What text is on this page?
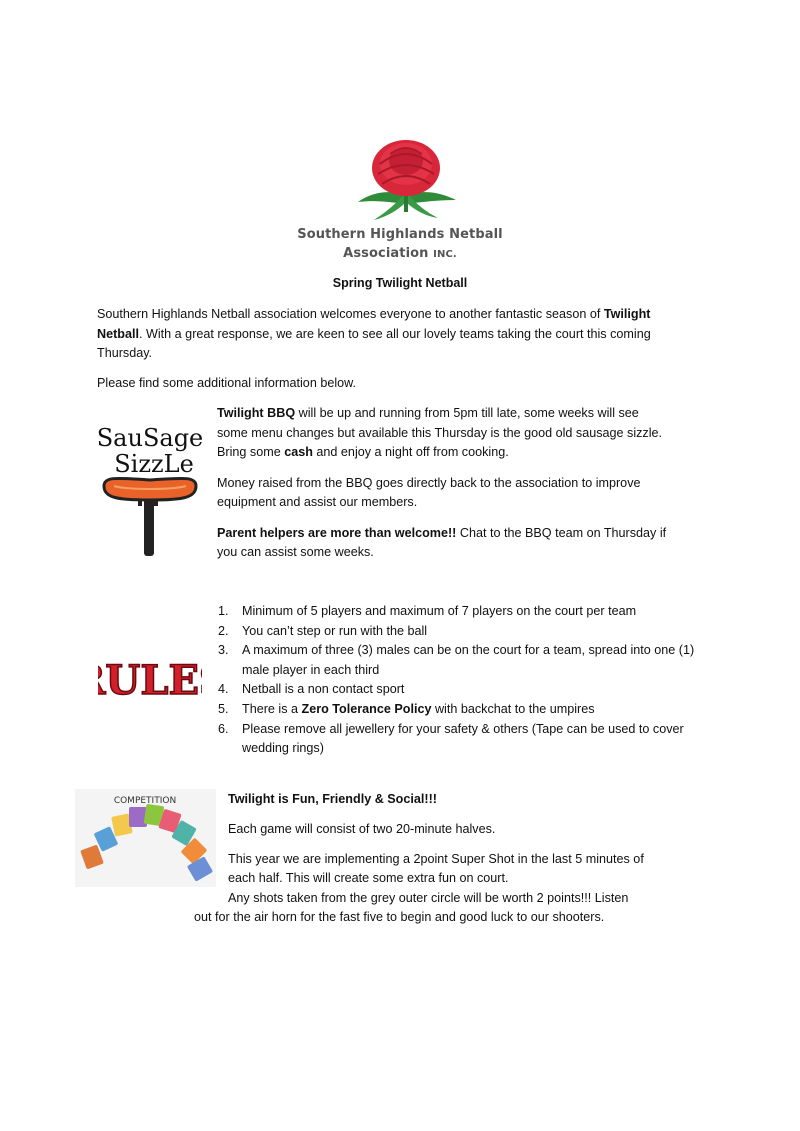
Southern Highlands Netball
Association INC.
Spring Twilight Netball
Southern Highlands Netball association welcomes everyone to another fantastic season of Twilight
Netball. With a great response, we are keen to see all our lovely teams taking the court this coming
Thursday.
Please find some additional information below.
SauSage
SizzLe
Twilight BBQ will be up and running from 5pm till late, some weeks will see
some menu changes but available this Thursday is the good old sausage sizzle.
Bring some cash and enjoy a night off from cooking.
Money raised from the BBQ goes directly back to the association to improve
equipment and assist our members.
Parent helpers are more than welcome!! Chat to the BBQ team on Thursday if
you can assist some weeks.
ULE
1. Minimum of 5 players and maximum of 7 players on the court per team
2. You can’t step or run with the ball
3. A maximum of three (3) males can be on the court for a team, spread into one (1) male player in each third
4. Netball is a non contact sport
5. There is a Zero Tolerance Policy with backchat to the umpires
6. Please remove all jewellery for your safety & others (Tape can be used to cover wedding rings)
COMPETITION	Twilight is Fun, Friendly & Social!!!
Each game will consist of two 20-minute halves.
This year we are implementing a 2point Super Shot in the last 5 minutes of
each half. This will create some extra fun on court.
Any shots taken from the grey outer circle will be worth 2 points!!! Listen
out for the air horn for the fast five to begin and good luck to our shooters.
